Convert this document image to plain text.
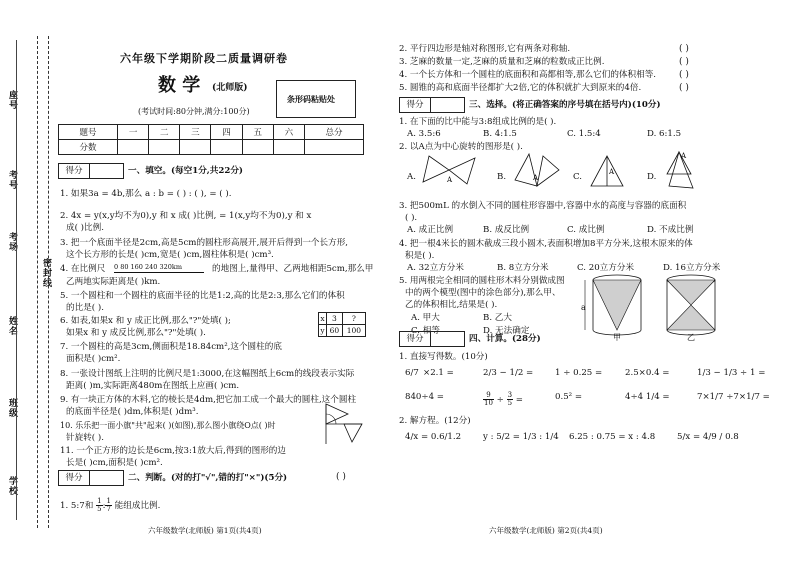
座号
考号
考场
密封线
姓名
班级
学校
六年级下学期阶段二质量调研卷
数 学 (北师版)
条形码粘贴处
(考试时间:80分钟,满分:100分)
题号	一	二	三	四	五	六	总分
分数							
得分	一、填空。(每空1分,共22分)
1. 如果3a = 4b,那么 a : b = ( ) : ( ), = ( ).
2. 4x = y(x,y均不为0),y 和 x 成( )比例, = 1(x,y均不为0),y 和 x
成( )比例.
3. 把一个底面半径是2cm,高是5cm的圆柱形高展开,展开后得到一个长方形,
这个长方形的长是( )cm,宽是( )cm,圆柱体积是( )cm³.
4. 在比例尺 0 80 160 240 320km	的地图上,量得甲、乙两地相距5cm,那么甲
乙两地实际距离是( )km.
5. 一个圆柱和一个圆柱的底面半径的比是1:2,高的比是2:3,那么它们的体积
的比是( ).
6. 如表,如果x 和 y 成正比例,那么"?"处填( );
如果x 和 y 成反比例,那么"?"处填( ).
x	3	?
y	60	100
7. 一个圆柱的高是3cm,侧面积是18.84cm²,这个圆柱的底
面积是( )cm².
8. 一张设计图纸上注明的比例尺是1:3000,在这幅图纸上6cm的线段表示实际
距离( )m,实际距离480m在图纸上应画( )cm.
9. 有一块正方体的木料,它的棱长是4dm,把它加工成一个最大的圆柱,这个圆柱
的底面半径是( )dm,体积是( )dm³.
10. 乐乐把一面小旗"共"起来( )(如图),那么图小旗绕O点( )时
针旋转( ).
11. 一个正方形的边长是6cm,按3:1放大后,得到的图形的边
长是( )cm,面积是( )cm².
得分	二、判断。(对的打"√",错的打"×")(5分)	( )
1. 5:7和 $\frac{1}{5}$ : $\frac{1}{7}$ 能组成比例.
六年级数学(北师版) 第1页(共4页)
2. 平行四边形是轴对称图形,它有两条对称轴.	( )
3. 芝麻的数量一定,芝麻的质量和芝麻的粒数成正比例.	( )
4. 一个长方体和一个圆柱的底面积和高都相等,那么它们的体积相等.	( )
5. 圆锥的高和底面半径都扩大2倍,它的体积就扩大到原来的4倍.	( )
得分	三、选择。(将正确答案的序号填在括号内)(10分)
1. 在下面的比中能与3:8组成比例的是( ).
A. 3.5:6	B. 4:1.5	C. 1.5:4	D. 6:1.5
2. 以A点为中心旋转的图形是( ).
A.	A	B.	A	C.	A	D.
A
3. 把500mL 的水倒入不同的圆柱形容器中,容器中水的高度与容器的底面积
( ).
A. 成正比例	B. 成反比例	C. 成比例	D. 不成比例
4. 把一根4米长的圆木截成三段小圆木,表面积增加8平方分米,这根木原来的体
积是( ).
A. 32立方分米	B. 8立方分米	C. 20立方分米	D. 16立方分米
5. 用两根完全相同的圆柱形木料分别做成图
中的两个模型(图中的涂色部分),那么甲、
乙的体积相比,结果是( ).
A. 甲大	B. 乙大
C. 相等	D. 无法确定
a
甲	乙
得分	四、计算。(28分)
1. 直接写得数。(10分)
6/7 ×2.1 =	2/3 − 1/2 =	1 ÷ 0.25 =	2.5×0.4 =	1/3 − 1/3 ÷ 1 =
840÷4 =	$\frac{9}{10} \div \frac{3}{5}$ =	0.5² =	4÷4 1/4 =	7×1/7 ÷7×1/7 =
2. 解方程。(12分)
4/x = 0.6/1.2	y : 5/2 = 1/3 : 1/4 6.25 : 0.75 = x : 4.8	5/x = 4/9 / 0.8
六年级数学(北师版) 第2页(共4页)
